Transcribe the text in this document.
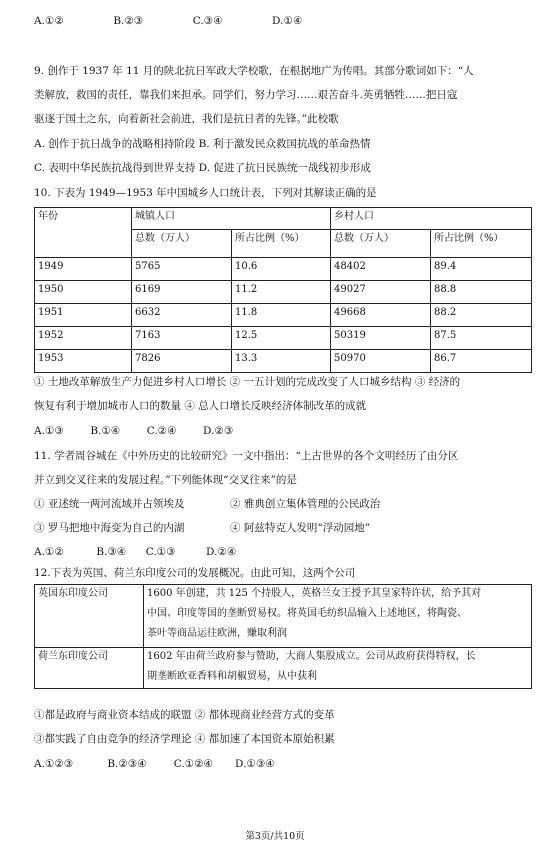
A.①②	B.②③	C.③④	D.①④
9. 创作于 1937 年 11 月的陕北抗日军政大学校歌，在根据地广为传唱。其部分歌词如下：“人
类解放，救国的责任，靠我们来担承。同学们，努力学习……艰苦奋斗.英勇牺牲……把日寇
驱逐于国土之东，向着新社会前进，我们是抗日者的先锋。”此校歌
A. 创作于抗日战争的战略相持阶段 B. 利于激发民众救国抗战的革命热情
C. 表明中华民族抗战得到世界支持 D. 促进了抗日民族统一战线初步形成
10. 下表为 1949—1953 年中国城乡人口统计表，下列对其解读正确的是
年份	城镇人口		乡村人口	
	总数（万人）	所占比例（%）	总数（万人）	所占比例（%）
1949	5765	10.6	48402	89.4
1950	6169	11.2	49027	88.8
1951	6632	11.8	49668	88.2
1952	7163	12.5	50319	87.5
1953	7826	13.3	50970	86.7
① 土地改革解放生产力促进乡村人口增长 ② 一五计划的完成改变了人口城乡结构 ③ 经济的
恢复有利于增加城市人口的数量 ④ 总人口增长反映经济体制改革的成就
A.①③	B.①④	C.②④	D.②③
11. 学者周谷城在《中外历史的比较研究》一文中指出：“上古世界的各个文明经历了由分区
并立到交叉往来的发展过程。”下列能体现“交叉往来”的是
① 亚述统一两河流域并占领埃及	② 雅典创立集体管理的公民政治
③ 罗马把地中海变为自己的内湖	④ 阿兹特克人发明“浮动园地”
A.①②	B.③④ C.①③	D.②④
12.下表为英国、荷兰东印度公司的发展概况。由此可知，这两个公司
英国东印度公司	1600 年创建，共 125 个持股人，英格兰女王授予其皇家特许状，给予其对
中国、印度等国的垄断贸易权。将英国毛纺织品输入上述地区，将陶瓷、
茶叶等商品运往欧洲，赚取利润

荷兰东印度公司	1602 年由荷兰政府参与赞助，大商人集股成立。公司从政府获得特权，长
期垄断欧亚香料和胡椒贸易，从中获利
①都是政府与商业资本结成的联盟 ② 都体现商业经营方式的变革
③都实践了自由竞争的经济学理论 ④ 都加速了本国资本原始积累
A.①②③	B.②③④	C.①②④ D.①③④
第3页/共10页
